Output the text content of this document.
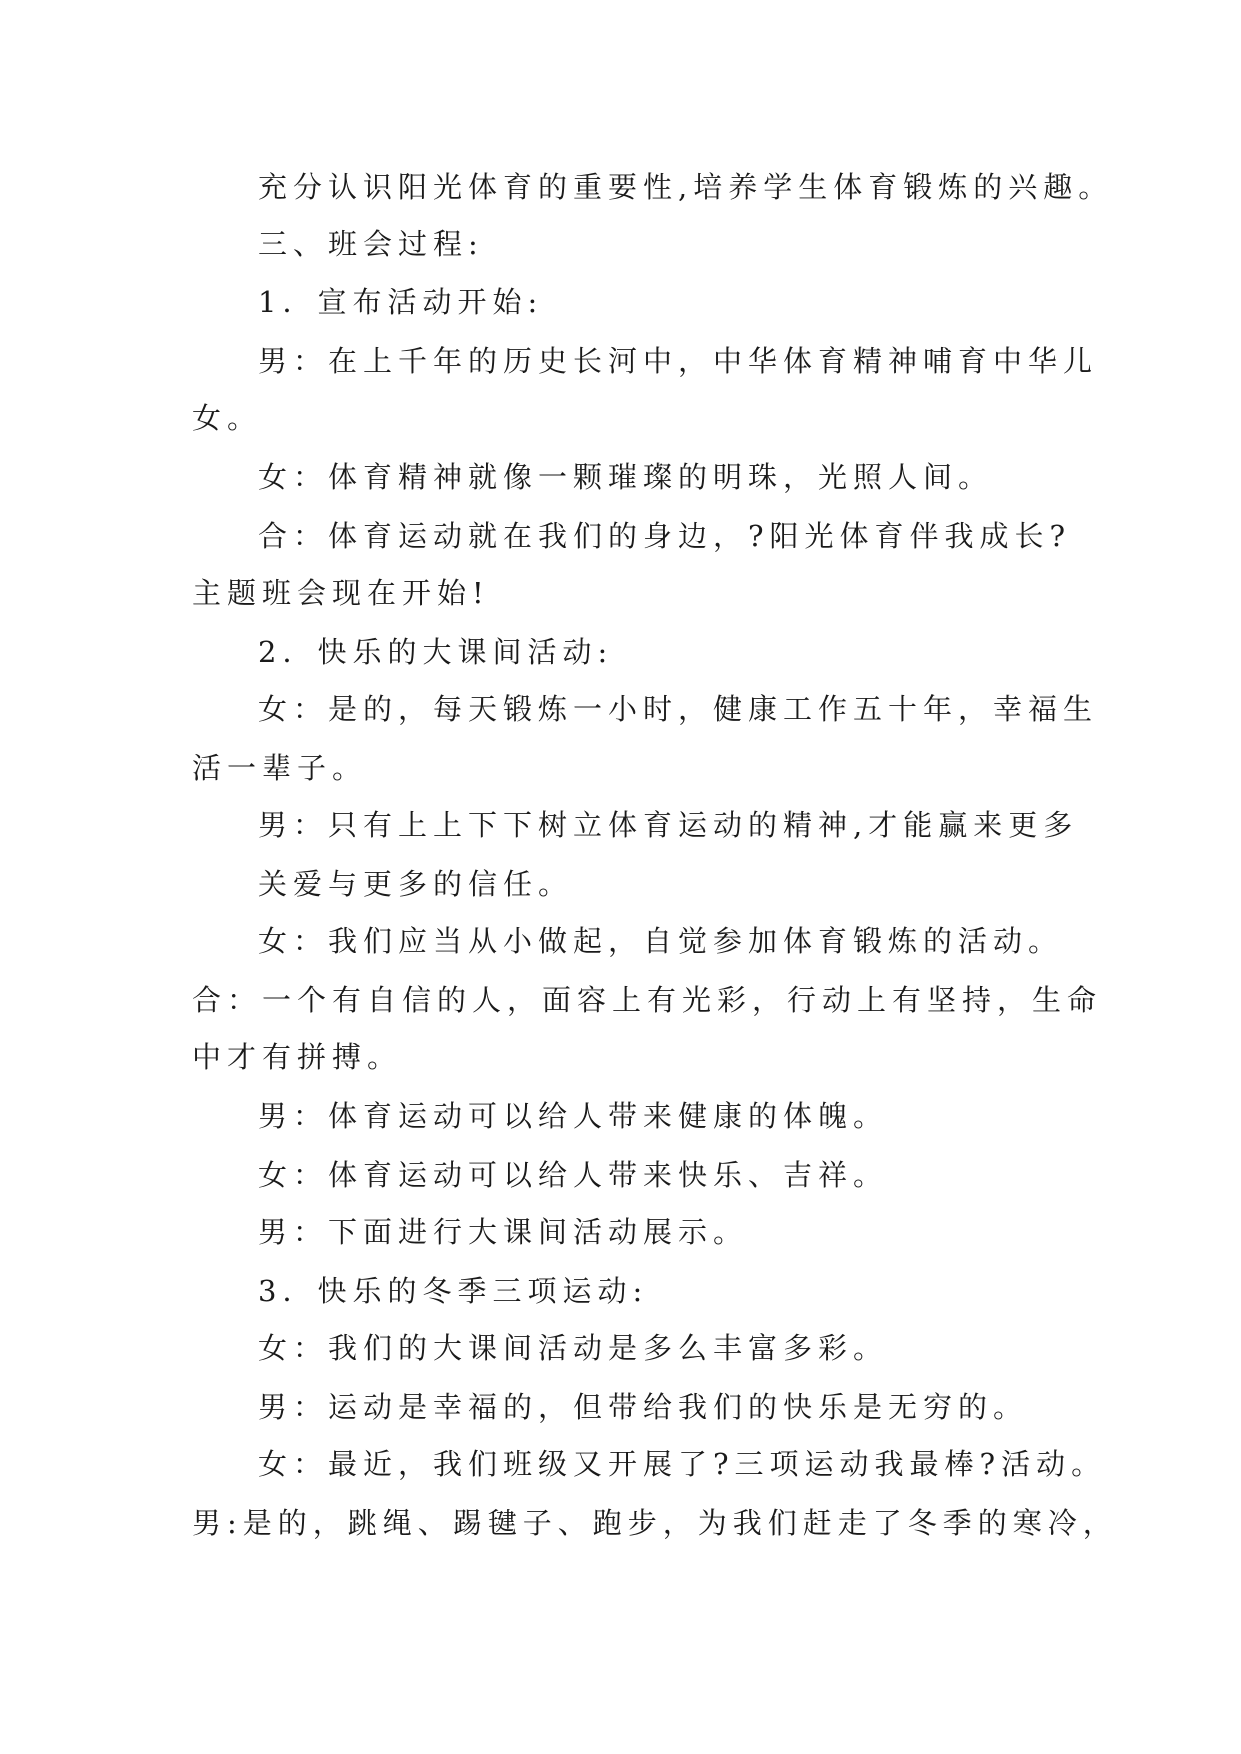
充分认识阳光体育的重要性,培养学生体育锻炼的兴趣。
三、班会过程:
1．宣布活动开始:
男：在上千年的历史长河中，中华体育精神哺育中华儿
女。
女：体育精神就像一颗璀璨的明珠，光照人间。
合：体育运动就在我们的身边，?阳光体育伴我成长?
主题班会现在开始!
2．快乐的大课间活动:
女：是的，每天锻炼一小时，健康工作五十年，幸福生
活一辈子。
男：只有上上下下树立体育运动的精神,才能赢来更多
关爱与更多的信任。
女：我们应当从小做起，自觉参加体育锻炼的活动。
合：一个有自信的人，面容上有光彩，行动上有坚持，生命
中才有拼搏。
男：体育运动可以给人带来健康的体魄。
女：体育运动可以给人带来快乐、吉祥。
男：下面进行大课间活动展示。
3．快乐的冬季三项运动:
女：我们的大课间活动是多么丰富多彩。
男：运动是幸福的，但带给我们的快乐是无穷的。
女：最近，我们班级又开展了?三项运动我最棒?活动。
男:是的，跳绳、踢毽子、跑步，为我们赶走了冬季的寒冷，
